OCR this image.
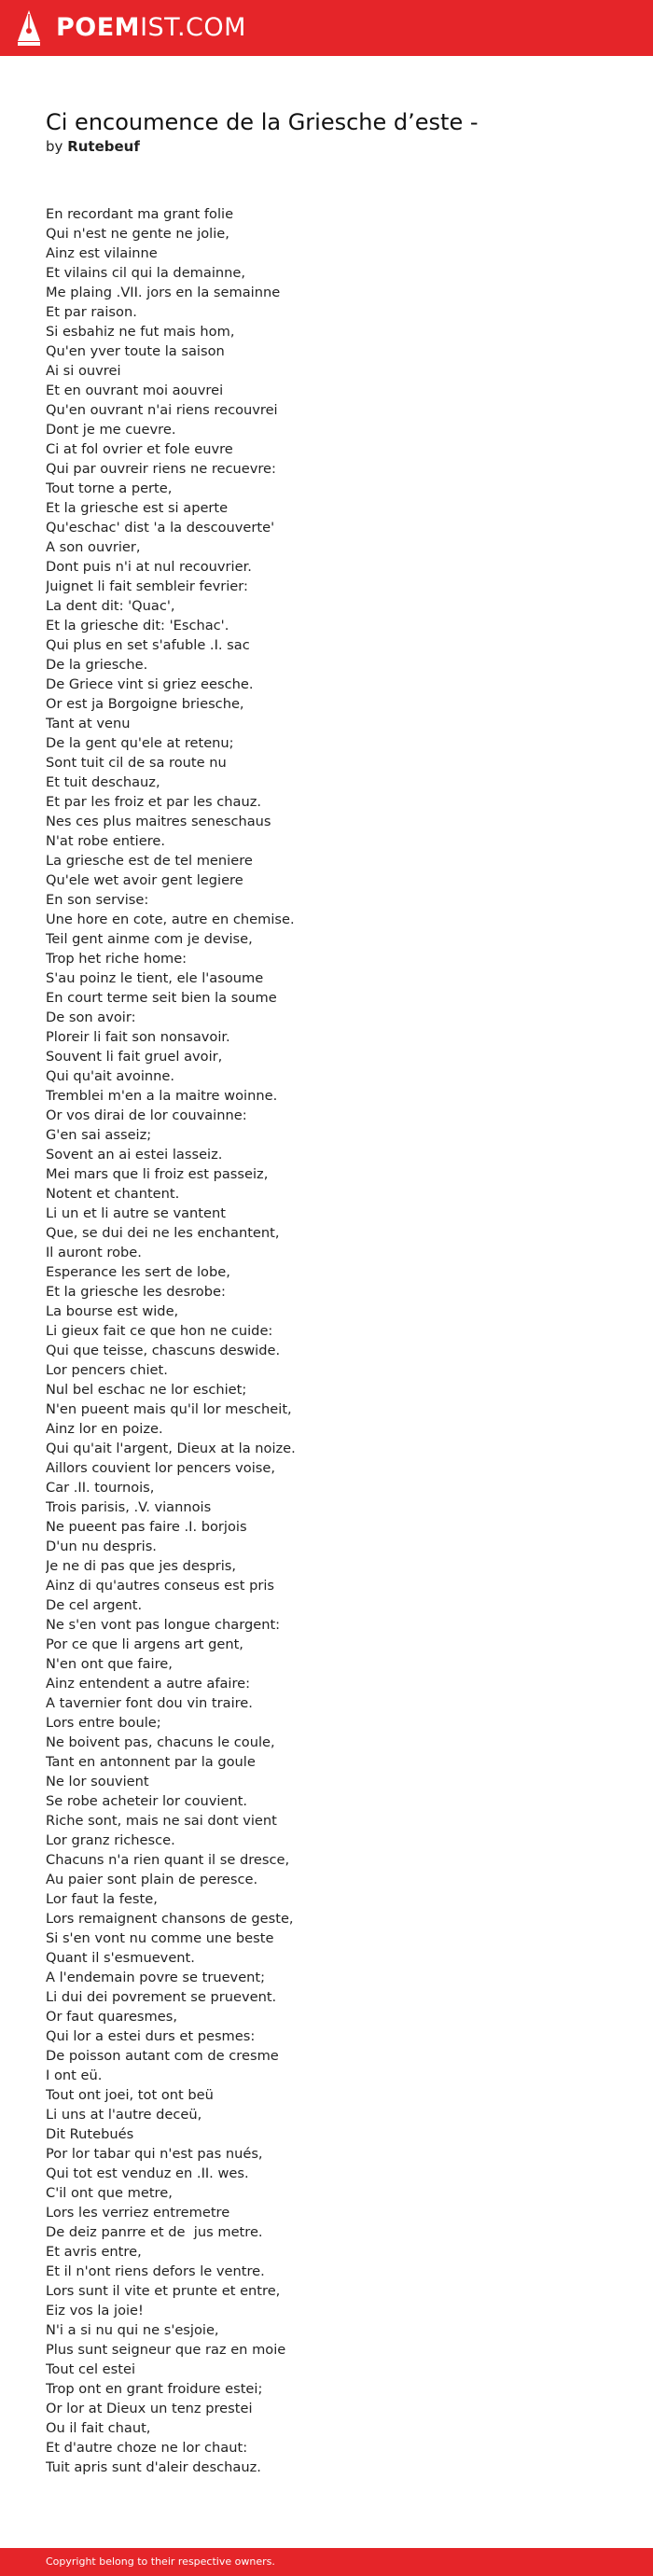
POEMIST.COM
Ci encoumence de la Griesche d’este -
by Rutebeuf
En recordant ma grant folie
Qui n'est ne gente ne jolie,
Ainz est vilainne
Et vilains cil qui la demainne,
Me plaing .VII. jors en la semainne
Et par raison.
Si esbahiz ne fut mais hom,
Qu'en yver toute la saison
Ai si ouvrei
Et en ouvrant moi aouvrei
Qu'en ouvrant n'ai riens recouvrei
Dont je me cuevre.
Ci at fol ovrier et fole euvre
Qui par ouvreir riens ne recuevre:
Tout torne a perte,
Et la griesche est si aperte
Qu'eschac' dist 'a la descouverte'
A son ouvrier,
Dont puis n'i at nul recouvrier.
Juignet li fait sembleir fevrier:
La dent dit: 'Quac',
Et la griesche dit: 'Eschac'.
Qui plus en set s'afuble .I. sac
De la griesche.
De Griece vint si griez eesche.
Or est ja Borgoigne briesche,
Tant at venu
De la gent qu'ele at retenu;
Sont tuit cil de sa route nu
Et tuit deschauz,
Et par les froiz et par les chauz.
Nes ces plus maitres seneschaus
N'at robe entiere.
La griesche est de tel meniere
Qu'ele wet avoir gent legiere
En son servise:
Une hore en cote, autre en chemise.
Teil gent ainme com je devise,
Trop het riche home:
S'au poinz le tient, ele l'asoume
En court terme seit bien la soume
De son avoir:
Ploreir li fait son nonsavoir.
Souvent li fait gruel avoir,
Qui qu'ait avoinne.
Tremblei m'en a la maitre woinne.
Or vos dirai de lor couvainne:
G'en sai asseiz;
Sovent an ai estei lasseiz.
Mei mars que li froiz est passeiz,
Notent et chantent.
Li un et li autre se vantent
Que, se dui dei ne les enchantent,
Il auront robe.
Esperance les sert de lobe,
Et la griesche les desrobe:
La bourse est wide,
Li gieux fait ce que hon ne cuide:
Qui que teisse, chascuns deswide.
Lor pencers chiet.
Nul bel eschac ne lor eschiet;
N'en pueent mais qu'il lor mescheit,
Ainz lor en poize.
Qui qu'ait l'argent, Dieux at la noize.
Aillors couvient lor pencers voise,
Car .II. tournois,
Trois parisis, .V. viannois
Ne pueent pas faire .I. borjois
D'un nu despris.
Je ne di pas que jes despris,
Ainz di qu'autres conseus est pris
De cel argent.
Ne s'en vont pas longue chargent:
Por ce que li argens art gent,
N'en ont que faire,
Ainz entendent a autre afaire:
A tavernier font dou vin traire.
Lors entre boule;
Ne boivent pas, chacuns le coule,
Tant en antonnent par la goule
Ne lor souvient
Se robe acheteir lor couvient.
Riche sont, mais ne sai dont vient
Lor granz richesce.
Chacuns n'a rien quant il se dresce,
Au paier sont plain de peresce.
Lor faut la feste,
Lors remaignent chansons de geste,
Si s'en vont nu comme une beste
Quant il s'esmuevent.
A l'endemain povre se truevent;
Li dui dei povrement se pruevent.
Or faut quaresmes,
Qui lor a estei durs et pesmes:
De poisson autant com de cresme
I ont eü.
Tout ont joei, tot ont beü
Li uns at l'autre deceü,
Dit Rutebués
Por lor tabar qui n'est pas nués,
Qui tot est venduz en .II. wes.
C'il ont que metre,
Lors les verriez entremetre
De deiz panrre et de  jus metre.
Et avris entre,
Et il n'ont riens defors le ventre.
Lors sunt il vite et prunte et entre,
Eiz vos la joie!
N'i a si nu qui ne s'esjoie,
Plus sunt seigneur que raz en moie
Tout cel estei
Trop ont en grant froidure estei;
Or lor at Dieux un tenz prestei
Ou il fait chaut,
Et d'autre choze ne lor chaut:
Tuit apris sunt d'aleir deschauz.
Copyright belong to their respective owners.
